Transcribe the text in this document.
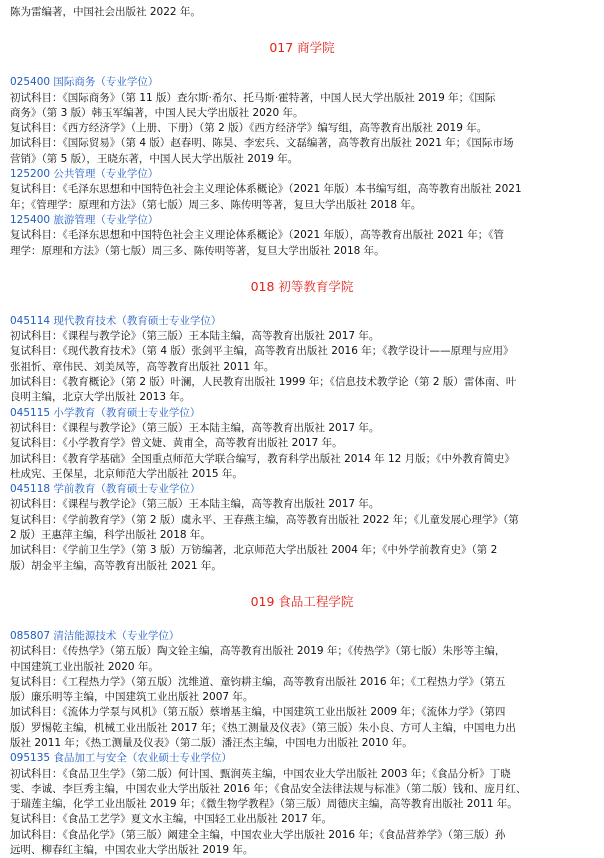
陈为雷编著，中国社会出版社 2022 年。
017 商学院
025400 国际商务（专业学位）
初试科目：《国际商务》（第 11 版）查尔斯·希尔、托马斯·霍特著，中国人民大学出版社 2019 年；《国际
商务》（第 3 版）韩玉军编著，中国人民大学出版社 2020 年。
复试科目：《西方经济学》（上册、下册）（第 2 版）《西方经济学》编写组，高等教育出版社 2019 年。
加试科目：《国际贸易》（第 4 版）赵春明、陈昊、李宏兵、文磊编著，高等教育出版社 2021 年；《国际市场
营销》（第 5 版），王晓东著，中国人民大学出版社 2019 年。
125200 公共管理（专业学位）
复试科目：《毛泽东思想和中国特色社会主义理论体系概论》（2021 年版）本书编写组，高等教育出版社 2021
年；《管理学：原理和方法》（第七版）周三多、陈传明等著，复旦大学出版社 2018 年。
125400 旅游管理（专业学位）
复试科目：《毛泽东思想和中国特色社会主义理论体系概论》（2021 年版），高等教育出版社 2021 年；《管
理学：原理和方法》（第七版）周三多、陈传明等著，复旦大学出版社 2018 年。
018 初等教育学院
045114 现代教育技术（教育硕士专业学位）
初试科目：《课程与教学论》（第三版）王本陆主编，高等教育出版社 2017 年。
复试科目：《现代教育技术》（第 4 版）张剑平主编，高等教育出版社 2016 年；《教学设计——原理与应用》
张祖忻、章伟民、刘美凤等，高等教育出版社 2011 年。
加试科目：《教育概论》（第 2 版）叶澜，人民教育出版社 1999 年；《信息技术教学论（第 2 版）雷体南、叶
良明主编，北京大学出版社 2013 年。
045115 小学教育（教育硕士专业学位）
初试科目：《课程与教学论》（第三版）王本陆主编，高等教育出版社 2017 年。
复试科目：《小学教育学》曾文婕、黄甫全，高等教育出版社 2017 年。
加试科目：《教育学基础》全国重点师范大学联合编写，教育科学出版社 2014 年 12 月版；《中外教育简史》
杜成宪、王保星，北京师范大学出版社 2015 年。
045118 学前教育（教育硕士专业学位）
初试科目：《课程与教学论》（第三版）王本陆主编，高等教育出版社 2017 年。
复试科目：《学前教育学》（第 2 版）虞永平、王春燕主编，高等教育出版社 2022 年；《儿童发展心理学》（第
2 版）王惠萍主编，科学出版社 2018 年。
加试科目：《学前卫生学》（第 3 版）万钫编著，北京师范大学出版社 2004 年；《中外学前教育史》（第 2
版）胡金平主编，高等教育出版社 2021 年。
019 食品工程学院
085807 清洁能源技术（专业学位）
初试科目：《传热学》（第五版）陶文铨主编，高等教育出版社 2019 年；《传热学》（第七版）朱彤等主编，
中国建筑工业出版社 2020 年。
复试科目：《工程热力学》（第五版）沈维道、童钧耕主编，高等教育出版社 2016 年；《工程热力学》（第五
版）廉乐明等主编，中国建筑工业出版社 2007 年。
加试科目：《流体力学泵与风机》（第五版）蔡增基主编，中国建筑工业出版社 2009 年；《流体力学》（第四
版）罗惕乾主编，机械工业出版社 2017 年；《热工测量及仪表》（第三版）朱小良、方可人主编，中国电力出
版社 2011 年；《热工测量及仪表》（第二版）潘汪杰主编，中国电力出版社 2010 年。
095135 食品加工与安全（农业硕士专业学位）
初试科目：《食品卫生学》（第二版）何计国、甄润英主编，中国农业大学出版社 2003 年；《食品分析》丁晓
雯、李诚、李巨秀主编，中国农业大学出版社 2016 年；《食品安全法律法规与标准》（第二版）钱和、庞月红、
于瑞莲主编，化学工业出版社 2019 年；《微生物学教程》（第三版）周德庆主编，高等教育出版社 2011 年。
复试科目：《食品工艺学》夏文水主编，中国轻工业出版社 2017 年。
加试科目：《食品化学》（第三版）阚建全主编，中国农业大学出版社 2016 年；《食品营养学》（第三版）孙
远明、柳春红主编，中国农业大学出版社 2019 年。
